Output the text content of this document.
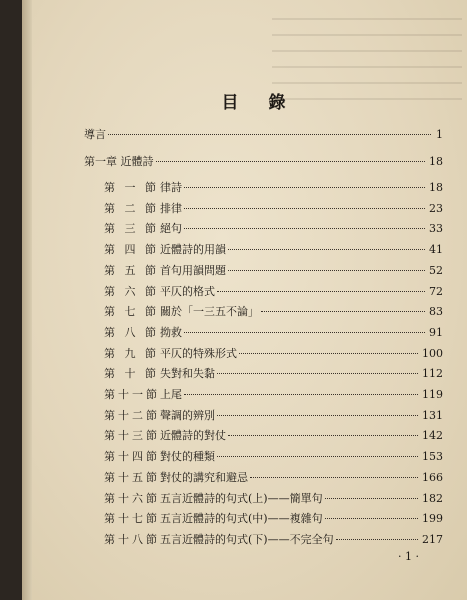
目 錄
導言	1
第一章 近體詩	18
第 一 節 律詩	18
第 二 節 排律	23
第 三 節 絕句	33
第 四 節 近體詩的用韻	41
第 五 節 首句用韻問題	52
第 六 節 平仄的格式	72
第 七 節 關於「一三五不論」	83
第 八 節 拗救	91
第 九 節 平仄的特殊形式	100
第 十 節 失對和失黏	112
第十一節 上尾	119
第十二節 聲調的辨別	131
第十三節 近體詩的對仗	142
第十四節 對仗的種類	153
第十五節 對仗的講究和避忌	166
第十六節 五言近體詩的句式(上)——簡單句	182
第十七節 五言近體詩的句式(中)——複雜句	199
第十八節 五言近體詩的句式(下)——不完全句	217
· 1 ·
